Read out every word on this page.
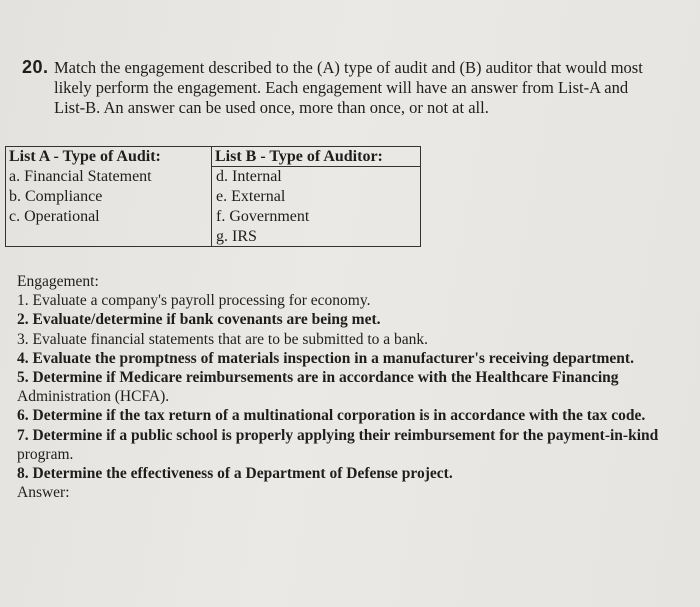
20. Match the engagement described to the (A) type of audit and (B) auditor that would most
likely perform the engagement. Each engagement will have an answer from List-A and
List-B. An answer can be used once, more than once, or not at all.
List A - Type of Audit:
a. Financial Statement
b. Compliance
c. Operational
List B - Type of Auditor:
d. Internal
e. External
f. Government
g. IRS
Engagement:
1. Evaluate a company's payroll processing for economy.
2. Evaluate/determine if bank covenants are being met.
3. Evaluate financial statements that are to be submitted to a bank.
4. Evaluate the promptness of materials inspection in a manufacturer's receiving department.
5. Determine if Medicare reimbursements are in accordance with the Healthcare Financing
Administration (HCFA).
6. Determine if the tax return of a multinational corporation is in accordance with the tax code.
7. Determine if a public school is properly applying their reimbursement for the payment-in-kind
program.
8. Determine the effectiveness of a Department of Defense project.
Answer:
